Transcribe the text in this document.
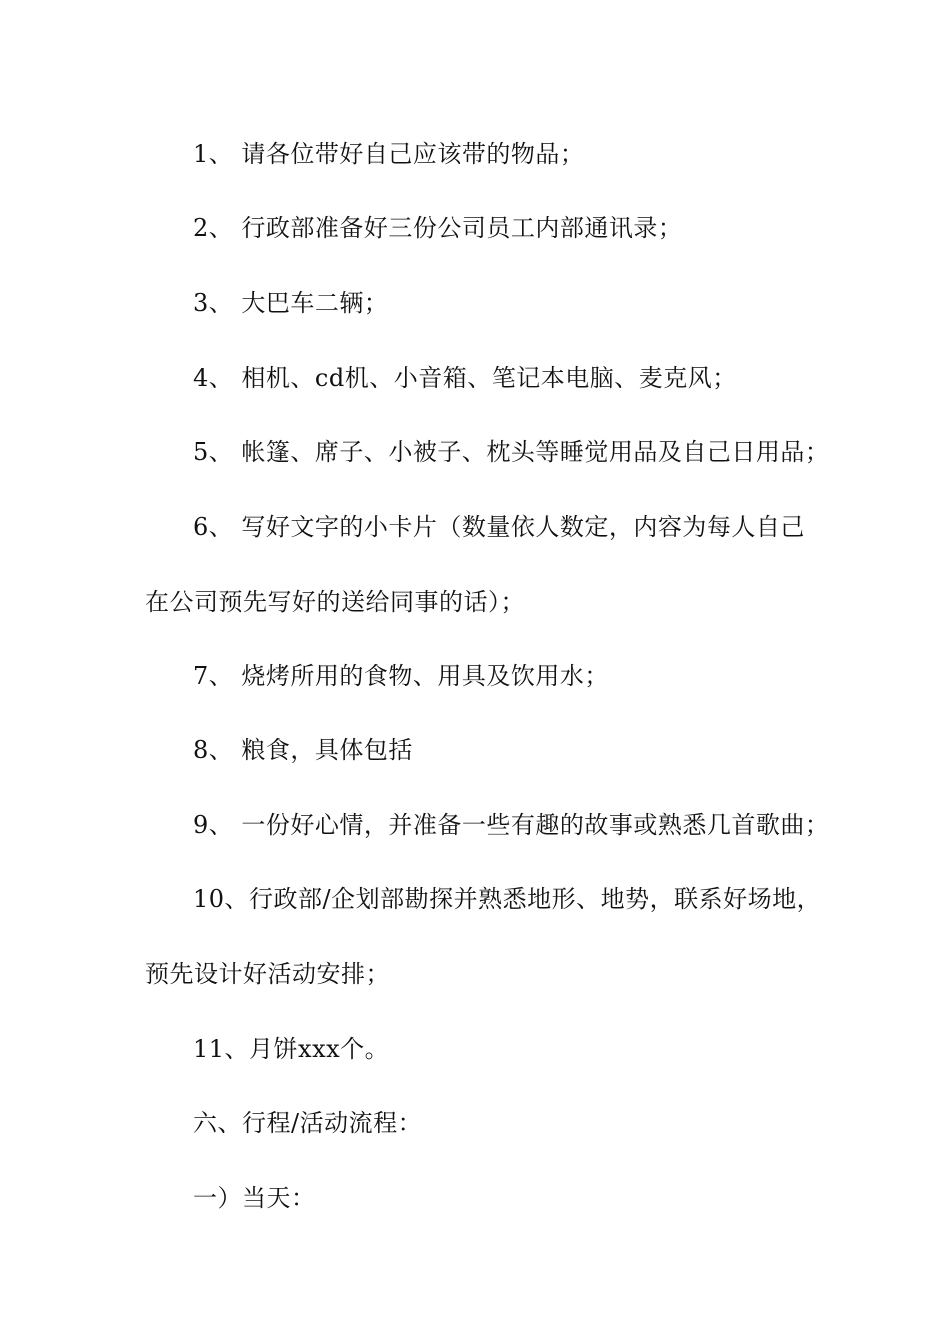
1、 请各位带好自己应该带的物品；
2、 行政部准备好三份公司员工内部通讯录；
3、 大巴车二辆；
4、 相机、cd机、小音箱、笔记本电脑、麦克风；
5、 帐篷、席子、小被子、枕头等睡觉用品及自己日用品；
6、 写好文字的小卡片（数量依人数定，内容为每人自己
在公司预先写好的送给同事的话）；
7、 烧烤所用的食物、用具及饮用水；
8、 粮食，具体包括
9、 一份好心情，并准备一些有趣的故事或熟悉几首歌曲；
10、行政部/企划部勘探并熟悉地形、地势，联系好场地，
预先设计好活动安排；
11、月饼xxx个。
六、行程/活动流程：
一）当天：
